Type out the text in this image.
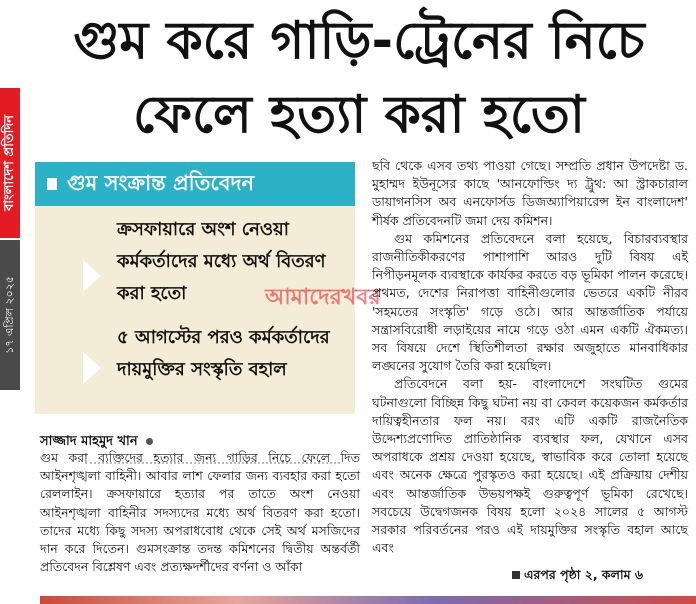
বাংলাদেশ প্রতিদিন
১৭ এপ্রিল ২০২৫
গুম করে গাড়ি-ট্রেনের নিচে
ফেলে হত্যা করা হতো
গুম সংক্রান্ত প্রতিবেদন
ক্রসফায়ারে অংশ নেওয়া কর্মকর্তাদের মধ্যে অর্থ বিতরণ করা হতো
৫ আগস্টের পরও কর্মকর্তাদের দায়মুক্তির সংস্কৃতি বহাল
আমাদেরখবর
সাজ্জাদ মাহমুদ খান
গুম করা ব্যক্তিদের হত্যার জন্য গাড়ির নিচে ফেলে দিত আইনশৃঙ্খলা বাহিনী। আবার লাশ ফেলার জন্য ব্যবহার করা হতো রেললাইন। ক্রসফায়ারে হত্যার পর তাতে অংশ নেওয়া আইনশৃঙ্খলা বাহিনীর সদস্যদের মধ্যে অর্থ বিতরণ করা হতো। তাদের মধ্যে কিছু সদস্য অপরাধবোধ থেকে সেই অর্থ মসজিদের দান করে দিতেন। গুমসংক্রান্ত তদন্ত কমিশনের দ্বিতীয় অন্তর্বর্তী প্রতিবেদন বিশ্লেষণ এবং প্রত্যক্ষদর্শীদের বর্ণনা ও আঁকা

ছবি থেকে এসব তথ্য পাওয়া গেছে। সম্প্রতি প্রধান উপদেষ্টা ড. মুহাম্মদ ইউনূসের কাছে 'আনফোল্ডিং দ্য ট্রুথ: আ স্ট্রাকচারাল ডায়াগনসিস অব এনফোর্সড ডিজঅ্যাপিয়ারেন্স ইন বাংলাদেশ' শীর্ষক প্রতিবেদনটি জমা দেয় কমিশন।

গুম কমিশনের প্রতিবেদনে বলা হয়েছে, বিচারব্যবস্থার রাজনীতিকীকরণের পাশাপাশি আরও দুটি বিষয় এই নিপীড়নমূলক ব্যবস্থাকে কার্যকর করতে বড় ভূমিকা পালন করেছে। প্রথমত, দেশের নিরাপত্তা বাহিনীগুলোর ভেতরে একটি নীরব 'সহমতের সংস্কৃতি' গড়ে ওঠে। আর আন্তর্জাতিক পর্যায়ে সন্ত্রাসবিরোধী লড়াইয়ের নামে গড়ে ওঠা এমন একটি ঐকমত্য। সব বিষয়ে দেশে স্থিতিশীলতা রক্ষার অজুহাতে মানবাধিকার লঙ্ঘনের সুযোগ তৈরি করা হয়েছিল।

প্রতিবেদনে বলা হয়- বাংলাদেশে সংঘটিত গুমের ঘটনাগুলো বিচ্ছিন্ন কিছু ঘটনা নয় বা কেবল কয়েকজন কর্মকর্তার দায়িত্বহীনতার ফল নয়। বরং এটি একটি রাজনৈতিক উদ্দেশ্যপ্রণোদিত প্রাতিষ্ঠানিক ব্যবস্থার ফল, যেখানে এসব অপরাধকে প্রশ্রয় দেওয়া হয়েছে, স্বাভাবিক করে তোলা হয়েছে এবং অনেক ক্ষেত্রে পুরস্কৃতও করা হয়েছে। এই প্রক্রিয়ায় দেশীয় এবং আন্তর্জাতিক উভয়পক্ষই গুরুত্বপূর্ণ ভূমিকা রেখেছে। সবচেয়ে উদ্বেগজনক বিষয় হলো ২০২৪ সালের ৫ আগস্ট সরকার পরিবর্তনের পরও এই দায়মুক্তির সংস্কৃতি বহাল আছে এবং

এরপর পৃষ্ঠা ২, কলাম ৬
